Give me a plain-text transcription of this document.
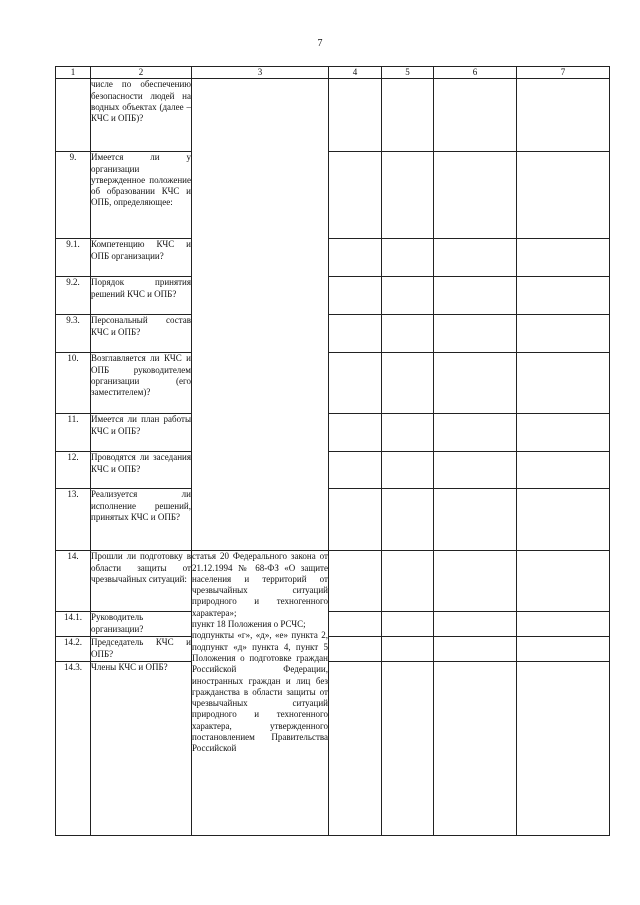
7
1	2	3	4	5	6	7
	числе по обеспечению безопасности людей на водных объектах (далее – КЧС и ОПБ)?					
9.	Имеется ли у организации утвержденное положение об образовании КЧС и ОПБ, определяющее:					
9.1.	Компетенцию КЧС и ОПБ организации?					
9.2.	Порядок принятия решений КЧС и ОПБ?					
9.3.	Персональный состав КЧС и ОПБ?					
10.	Возглавляется ли КЧС и ОПБ руководителем организации (его заместителем)?					
11.	Имеется ли план работы КЧС и ОПБ?					
12.	Проводятся ли заседания КЧС и ОПБ?					
13.	Реализуется ли исполнение решений, принятых КЧС и ОПБ?					
14.	Прошли ли подготовку в области защиты от чрезвычайных ситуаций:	статья 20 Федерального закона от 21.12.1994 № 68-ФЗ «О защите населения и территорий от чрезвычайных ситуаций природного и техногенного характера»;
пункт 18 Положения о РСЧС;
подпункты «г», «д», «е» пункта 2, подпункт «д» пункта 4, пункт 5 Положения о подготовке граждан Российской Федерации, иностранных граждан и лиц без гражданства в области защиты от чрезвычайных ситуаций природного и техногенного характера, утвержденного постановлением Правительства Российской				

14.1.	Руководитель организации?					
14.2.	Председатель КЧС и ОПБ?					
14.3.	Члены КЧС и ОПБ?					
